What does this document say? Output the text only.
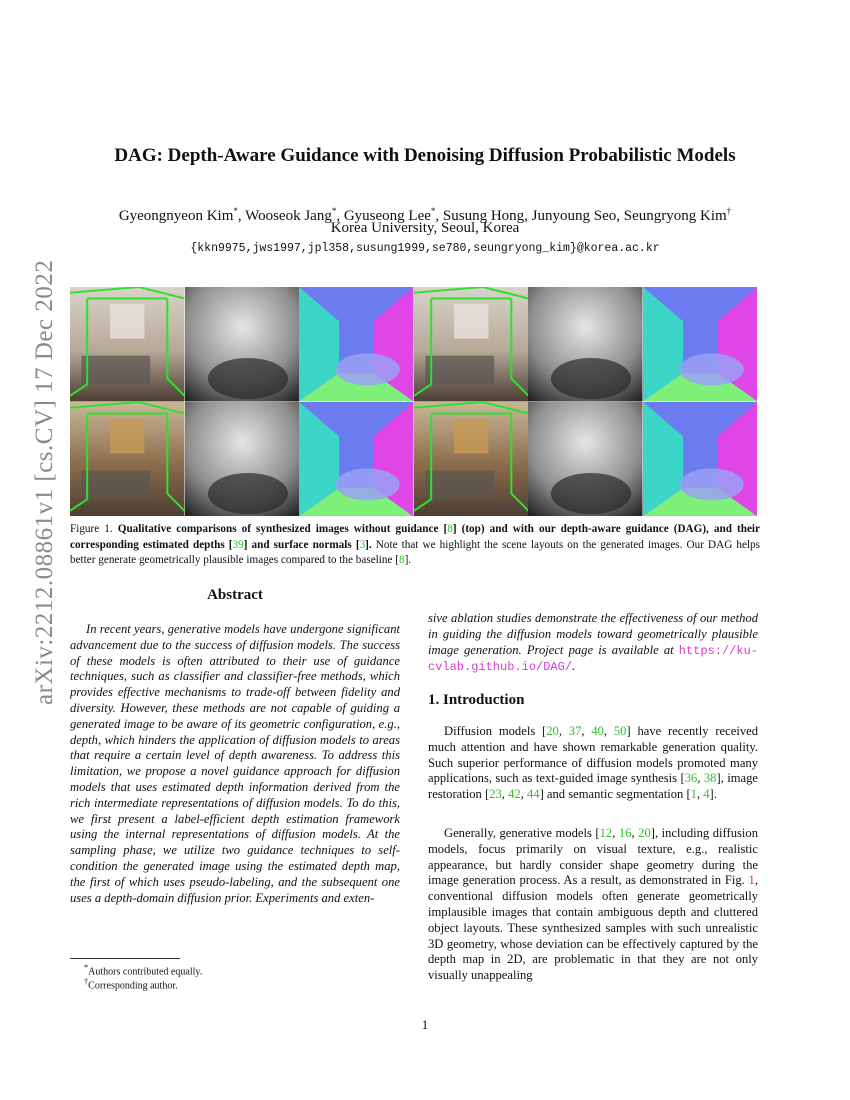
arXiv:2212.08861v1 [cs.CV] 17 Dec 2022
DAG: Depth-Aware Guidance with Denoising Diffusion Probabilistic Models
Gyeongnyeon Kim*, Wooseok Jang*, Gyuseong Lee*, Susung Hong, Junyoung Seo, Seungryong Kim†
Korea University, Seoul, Korea
{kkn9975,jws1997,jpl358,susung1999,se780,seungryong_kim}@korea.ac.kr
Figure 1. Qualitative comparisons of synthesized images without guidance [8] (top) and with our depth-aware guidance (DAG), and their corresponding estimated depths [39] and surface normals [3]. Note that we highlight the scene layouts on the generated images. Our DAG helps better generate geometrically plausible images compared to the baseline [8].
Abstract
In recent years, generative models have undergone significant advancement due to the success of diffusion models. The success of these models is often attributed to their use of guidance techniques, such as classifier and classifier-free methods, which provides effective mechanisms to trade-off between fidelity and diversity. However, these methods are not capable of guiding a generated image to be aware of its geometric configuration, e.g., depth, which hinders the application of diffusion models to areas that require a certain level of depth awareness. To address this limitation, we propose a novel guidance approach for diffusion models that uses estimated depth information derived from the rich intermediate representations of diffusion models. To do this, we first present a label-efficient depth estimation framework using the internal representations of diffusion models. At the sampling phase, we utilize two guidance techniques to self-condition the generated image using the estimated depth map, the first of which uses pseudo-labeling, and the subsequent one uses a depth-domain diffusion prior. Experiments and exten-
sive ablation studies demonstrate the effectiveness of our method in guiding the diffusion models toward geometrically plausible image generation. Project page is available at https://ku-cvlab.github.io/DAG/.
1. Introduction
Diffusion models [20, 37, 40, 50] have recently received much attention and have shown remarkable generation quality. Such superior performance of diffusion models promoted many applications, such as text-guided image synthesis [36, 38], image restoration [23, 42, 44] and semantic segmentation [1, 4].
Generally, generative models [12, 16, 20], including diffusion models, focus primarily on visual texture, e.g., realistic appearance, but hardly consider shape geometry during the image generation process. As a result, as demonstrated in Fig. 1, conventional diffusion models often generate geometrically implausible images that contain ambiguous depth and cluttered object layouts. These synthesized samples with such unrealistic 3D geometry, whose deviation can be effectively captured by the depth map in 2D, are problematic in that they are not only visually unappealing
*Authors contributed equally.
†Corresponding author.
1
